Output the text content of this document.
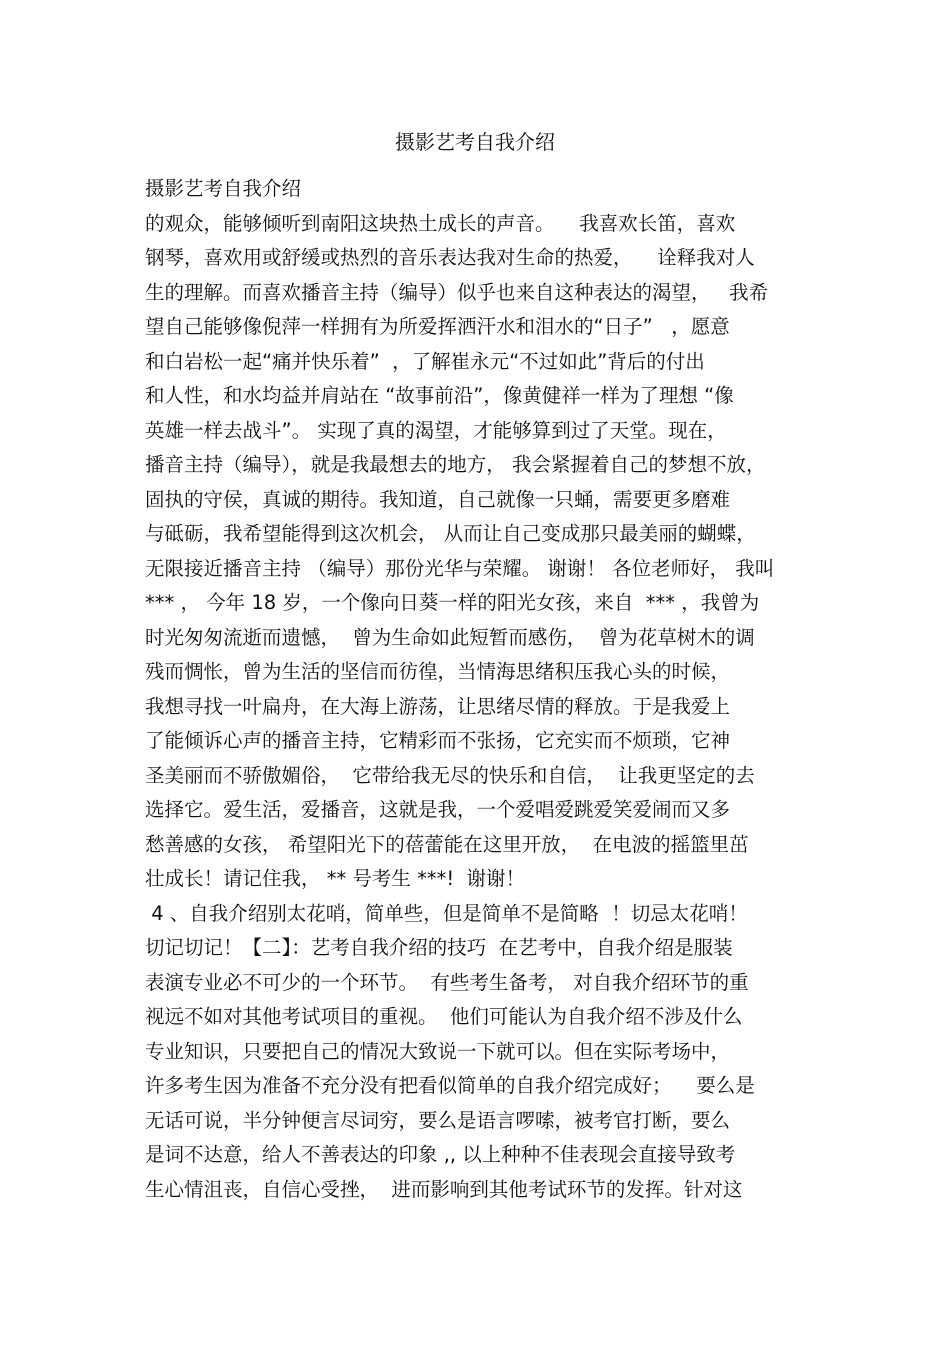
摄影艺考自我介绍
摄影艺考自我介绍
的观众，能够倾听到南阳这块热土成长的声音。    我喜欢长笛，喜欢
钢琴，喜欢用或舒缓或热烈的音乐表达我对生命的热爱，    诠释我对人
生的理解。而喜欢播音主持（编导）似乎也来自这种表达的渴望，   我希
望自己能够像倪萍一样拥有为所爱挥洒汗水和泪水的“日子”   ，愿意
和白岩松一起“痛并快乐着”  ，了解崔永元“不过如此”背后的付出
和人性，和水均益并肩站在 “故事前沿”，像黄健祥一样为了理想 “像
英雄一样去战斗”。 实现了真的渴望，才能够算到过了天堂。现在，
播音主持（编导），就是我最想去的地方， 我会紧握着自己的梦想不放，
固执的守侯，真诚的期待。我知道，自己就像一只蛹，需要更多磨难
与砥砺，我希望能得到这次机会， 从而让自己变成那只最美丽的蝴蝶，
无限接近播音主持 （编导）那份光华与荣耀。 谢谢！ 各位老师好， 我叫
*** ， 今年 18 岁，一个像向日葵一样的阳光女孩，来自  *** ，我曾为
时光匆匆流逝而遗憾，  曾为生命如此短暂而感伤，  曾为花草树木的调
残而惆怅，曾为生活的坚信而彷徨，当情海思绪积压我心头的时候，
我想寻找一叶扁舟，在大海上游荡，让思绪尽情的释放。于是我爱上
了能倾诉心声的播音主持，它精彩而不张扬，它充实而不烦琐，它神
圣美丽而不骄傲媚俗，  它带给我无尽的快乐和自信，  让我更坚定的去
选择它。爱生活，爱播音，这就是我，一个爱唱爱跳爱笑爱闹而又多
愁善感的女孩， 希望阳光下的蓓蕾能在这里开放，  在电波的摇篮里茁
壮成长！请记住我， ** 号考生 ***!  谢谢！
4 、自我介绍别太花哨，简单些，但是简单不是简略  ！切忌太花哨！
切记切记！【二】：艺考自我介绍的技巧  在艺考中，自我介绍是服装
表演专业必不可少的一个环节。  有些考生备考， 对自我介绍环节的重
视远不如对其他考试项目的重视。  他们可能认为自我介绍不涉及什么
专业知识，只要把自己的情况大致说一下就可以。但在实际考场中，
许多考生因为准备不充分没有把看似简单的自我介绍完成好；    要么是
无话可说，半分钟便言尽词穷，要么是语言啰嗦，被考官打断，要么
是词不达意，给人不善表达的印象 ,, 以上种种不佳表现会直接导致考
生心情沮丧，自信心受挫，  进而影响到其他考试环节的发挥。针对这
